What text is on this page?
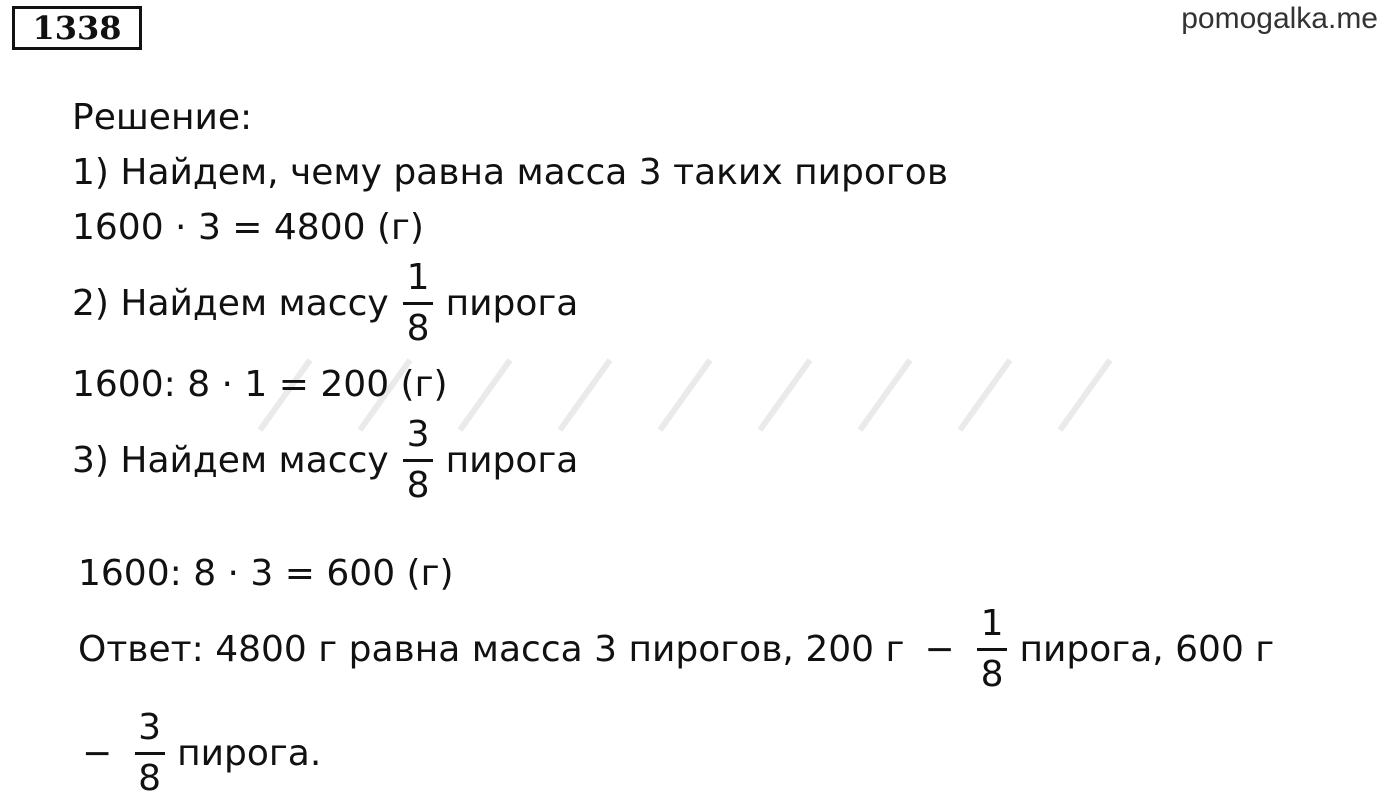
1338	pomogalka.me
Решение:
1) Найдем, чему равна масса 3 таких пирогов
1600 · 3 = 4800 (г)
2) Найдем массу $\frac{1}{8}$ пирога
1600: 8 · 1 = 200 (г)
3) Найдем массу $\frac{3}{8}$ пирога
1600: 8 · 3 = 600 (г)
Ответ: 4800 г равна масса 3 пирогов, 200 $г - \frac{1}{8}$ пирога, 600 г
− $\frac{3}{8}$ пирога.
